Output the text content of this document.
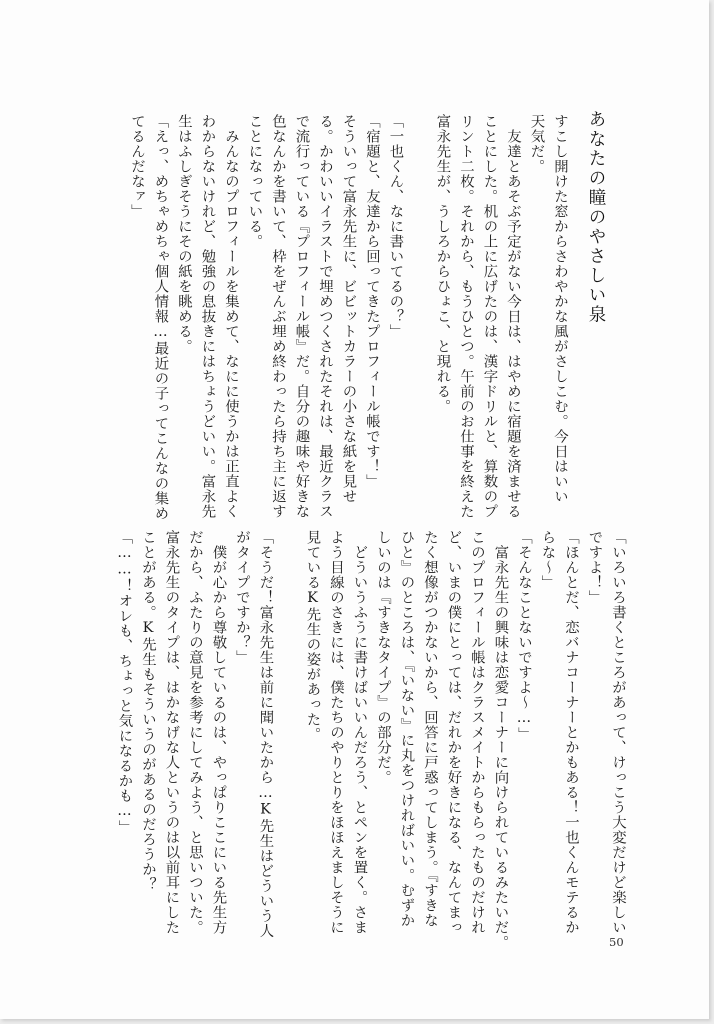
あなたの瞳のやさしい泉
すこし開けた窓からさわやかな風がさしこむ。今日はいい
天気だ。
　友達とあそぶ予定がない今日は、はやめに宿題を済ませる
ことにした。机の上に広げたのは、漢字ドリルと、算数のプ
リント二枚。それから、もうひとつ。午前のお仕事を終えた
富永先生が、うしろからひょこ、と現れる。

「一也くん、なに書いてるの？」
「宿題と、友達から回ってきたプロフィール帳です！」
そういって富永先生に、ビビットカラーの小さな紙を見せ
る。かわいいイラストで埋めつくされたそれは、最近クラス
で流行っている『プロフィール帳』だ。自分の趣味や好きな
色なんかを書いて、枠をぜんぶ埋め終わったら持ち主に返す
ことになっている。
　みんなのプロフィールを集めて、なにに使うかは正直よく
わからないけれど、勉強の息抜きにはちょうどいい。富永先
生はふしぎそうにその紙を眺める。
「えっ、めちゃめちゃ個人情報…最近の子ってこんなの集め
てるんだなァ」
「いろいろ書くところがあって、けっこう大変だけど楽しい
ですよ！」
「ほんとだ、恋バナコーナーとかもある！一也くんモテるか
らな～」
「そんなことないですよ～…」
　富永先生の興味は恋愛コーナーに向けられているみたいだ。
このプロフィール帳はクラスメイトからもらったものだけれ
ど、いまの僕にとっては、だれかを好きになる、なんてまっ
たく想像がつかないから、回答に戸惑ってしまう。『すきな
ひと』のところは、『いない』に丸をつければいい。むずか
しいのは『すきなタイプ』の部分だ。
　どういうふうに書けばいいんだろう、とペンを置く。さま
よう目線のさきには、僕たちのやりとりをほほえましそうに
見ているK先生の姿があった。

「そうだ！富永先生は前に聞いたから…K先生はどういう人
がタイプですか？」
　僕が心から尊敬しているのは、やっぱりここにいる先生方
だから、ふたりの意見を参考にしてみよう、と思いついた。
富永先生のタイプは、はかなげな人というのは以前耳にした
ことがある。K先生もそういうのがあるのだろうか？
「……！オレも、ちょっと気になるかも…」
50
